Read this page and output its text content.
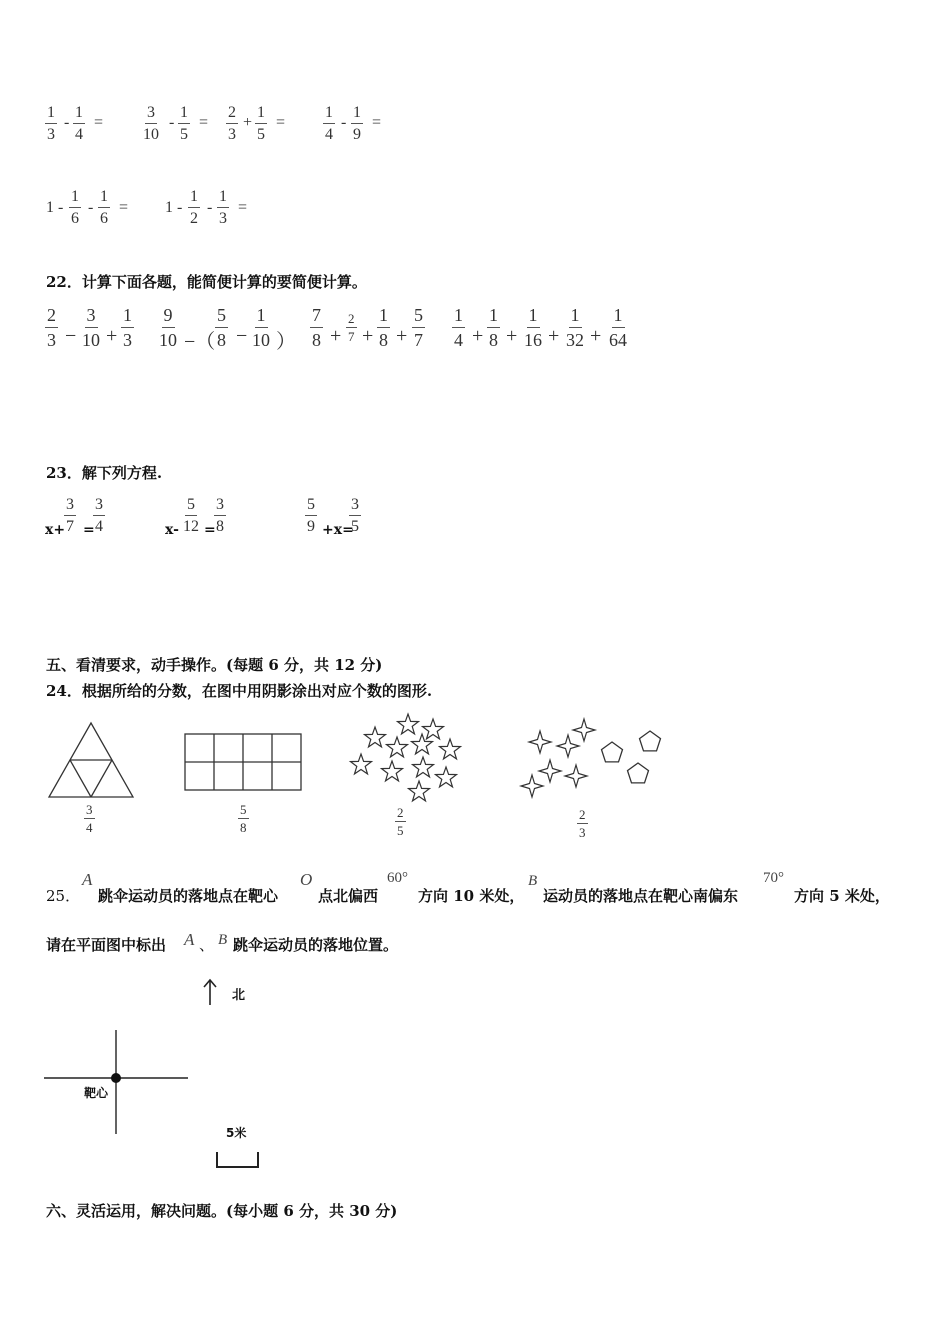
$\frac{1}{3} - \frac{1}{4} = \frac{3}{10} - \frac{1}{5} = \frac{2}{3} + \frac{1}{5} = \frac{1}{4} - \frac{1}{9}$ =
$1 - \frac{1}{6} - \frac{1}{6} = 1 - \frac{1}{2} - \frac{1}{3}$ =
22．计算下面各题，能简便计算的要简便计算。
$\frac{2}{3} - \frac{3}{10} + \frac{1}{3} \frac{9}{10}$ −（ $\frac{5}{8} - \frac{1}{10}$ ） $\frac{7}{8} + \frac{2}{7} + \frac{1}{8} + \frac{5}{7} \frac{1}{4} + \frac{1}{8} + \frac{1}{16} + \frac{1}{32} + \frac{1}{64}$
23．解下列方程.
x+
$\frac{3}{7}$ =
$\frac{3}{4}$	$x- \frac{5}{12}$ =
$\frac{3}{8}$	$\frac{5}{9} +x=$
$\frac{3}{5}$
五、看清要求，动手操作。(每题 6 分，共 12 分)
24．根据所给的分数，在图中用阴影涂出对应个数的图形.
$\frac{3}{4}$	$\frac{5}{8}$	$\frac{2}{5}$	$\frac{2}{3}$
25．
A
跳伞运动员的落地点在靶心
O
点北偏西
60°
方向 10 米处，
B
运动员的落地点在靶心南偏东
70°
方向 5 米处，
请在平面图中标出 A 、 B 跳伞运动员的落地位置。
北
靶心
5米
六、灵活运用，解决问题。(每小题 6 分，共 30 分)
